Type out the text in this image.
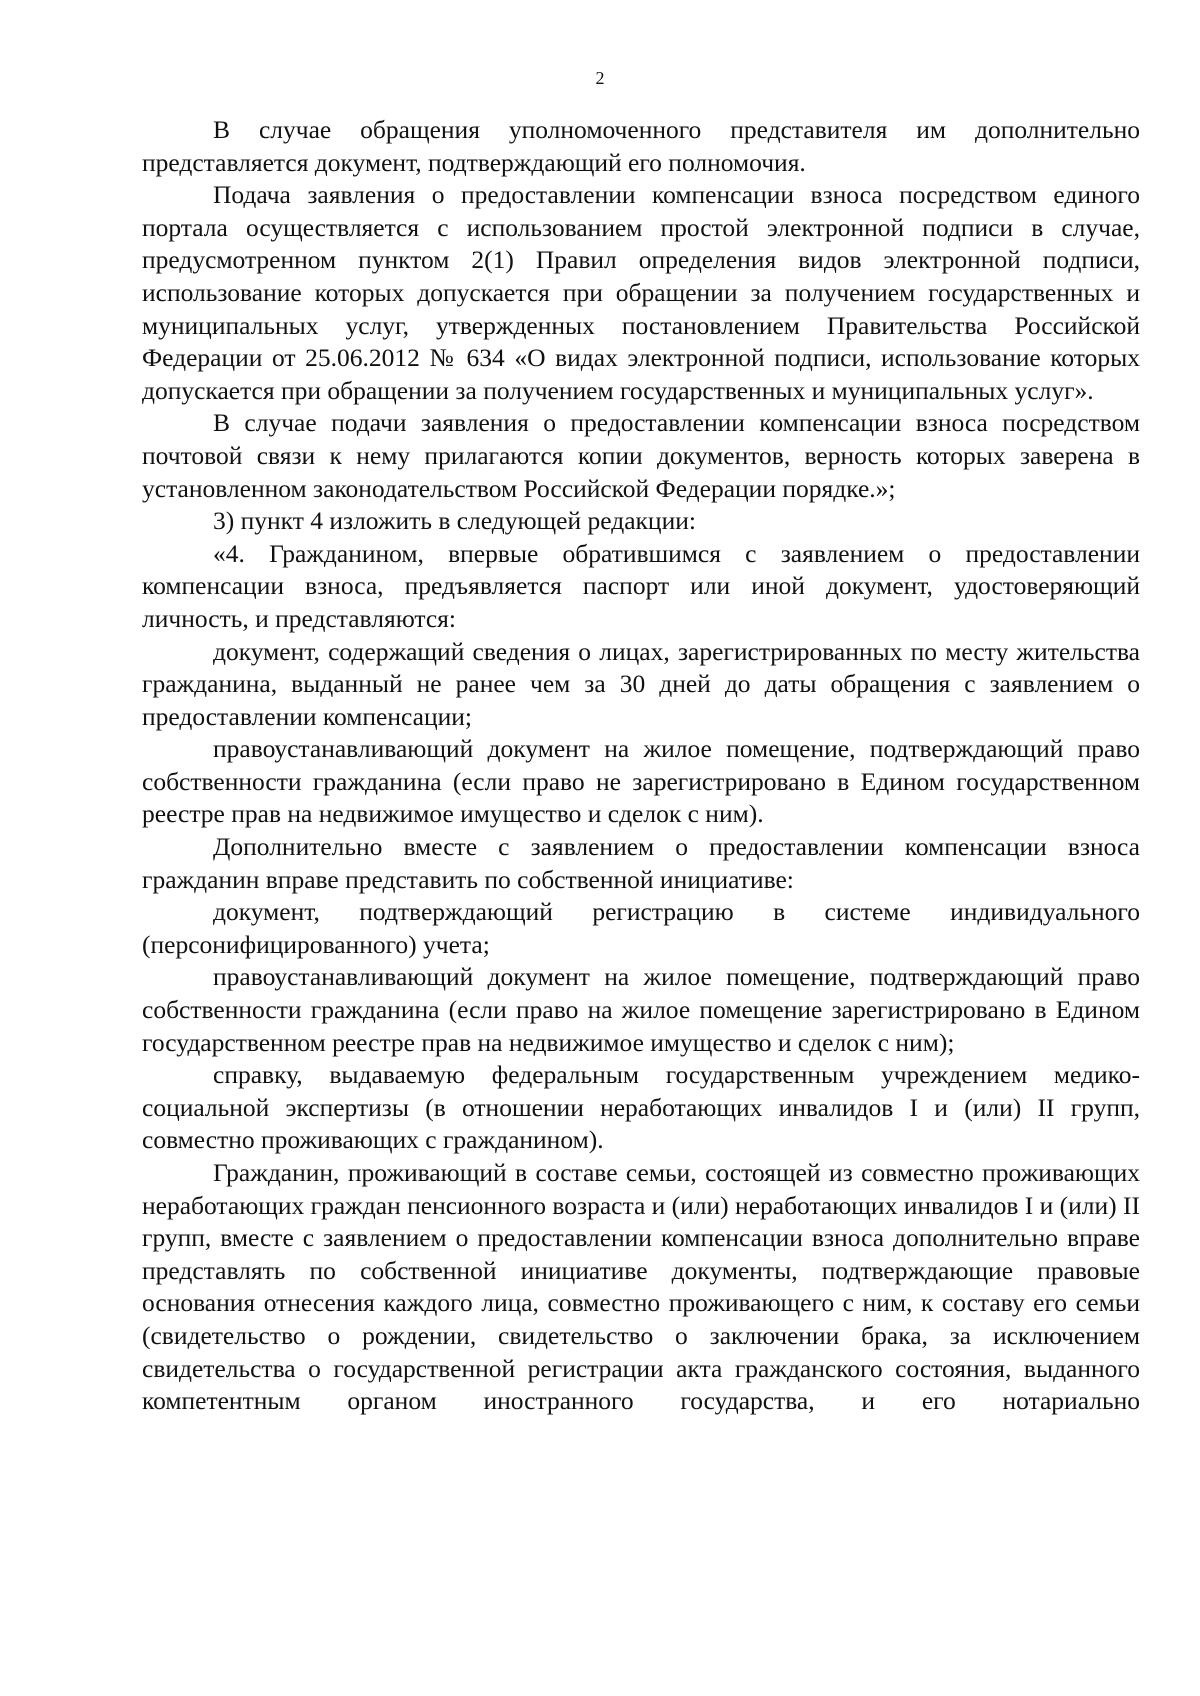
2

В случае обращения уполномоченного представителя им дополнительно представляется документ, подтверждающий его полномочия.

Подача заявления о предоставлении компенсации взноса посредством единого портала осуществляется с использованием простой электронной подписи в случае, предусмотренном пунктом 2(1) Правил определения видов электронной подписи, использование которых допускается при обращении за получением государственных и муниципальных услуг, утвержденных постановлением Правительства Российской Федерации от 25.06.2012 № 634 «О видах электронной подписи, использование которых допускается при обращении за получением государственных и муниципальных услуг».

В случае подачи заявления о предоставлении компенсации взноса посредством почтовой связи к нему прилагаются копии документов, верность которых заверена в установленном законодательством Российской Федерации порядке.»;

3) пункт 4 изложить в следующей редакции:

«4. Гражданином, впервые обратившимся с заявлением о предоставлении компенсации взноса, предъявляется паспорт или иной документ, удостоверяющий личность, и представляются:

документ, содержащий сведения о лицах, зарегистрированных по месту жительства гражданина, выданный не ранее чем за 30 дней до даты обращения с заявлением о предоставлении компенсации;

правоустанавливающий документ на жилое помещение, подтверждающий право собственности гражданина (если право не зарегистрировано в Едином государственном реестре прав на недвижимое имущество и сделок с ним).

Дополнительно вместе с заявлением о предоставлении компенсации взноса гражданин вправе представить по собственной инициативе:

документ, подтверждающий регистрацию в системе индивидуального (персонифицированного) учета;

правоустанавливающий документ на жилое помещение, подтверждающий право собственности гражданина (если право на жилое помещение зарегистрировано в Едином государственном реестре прав на недвижимое имущество и сделок с ним);

справку, выдаваемую федеральным государственным учреждением медико-социальной экспертизы (в отношении неработающих инвалидов I и (или) II групп, совместно проживающих с гражданином).

Гражданин, проживающий в составе семьи, состоящей из совместно проживающих неработающих граждан пенсионного возраста и (или) неработающих инвалидов I и (или) II групп, вместе с заявлением о предоставлении компенсации взноса дополнительно вправе представлять по собственной инициативе документы, подтверждающие правовые основания отнесения каждого лица, совместно проживающего с ним, к составу его семьи (свидетельство о рождении, свидетельство о заключении брака, за исключением свидетельства о государственной регистрации акта гражданского состояния, выданного компетентным органом иностранного государства, и его нотариально
